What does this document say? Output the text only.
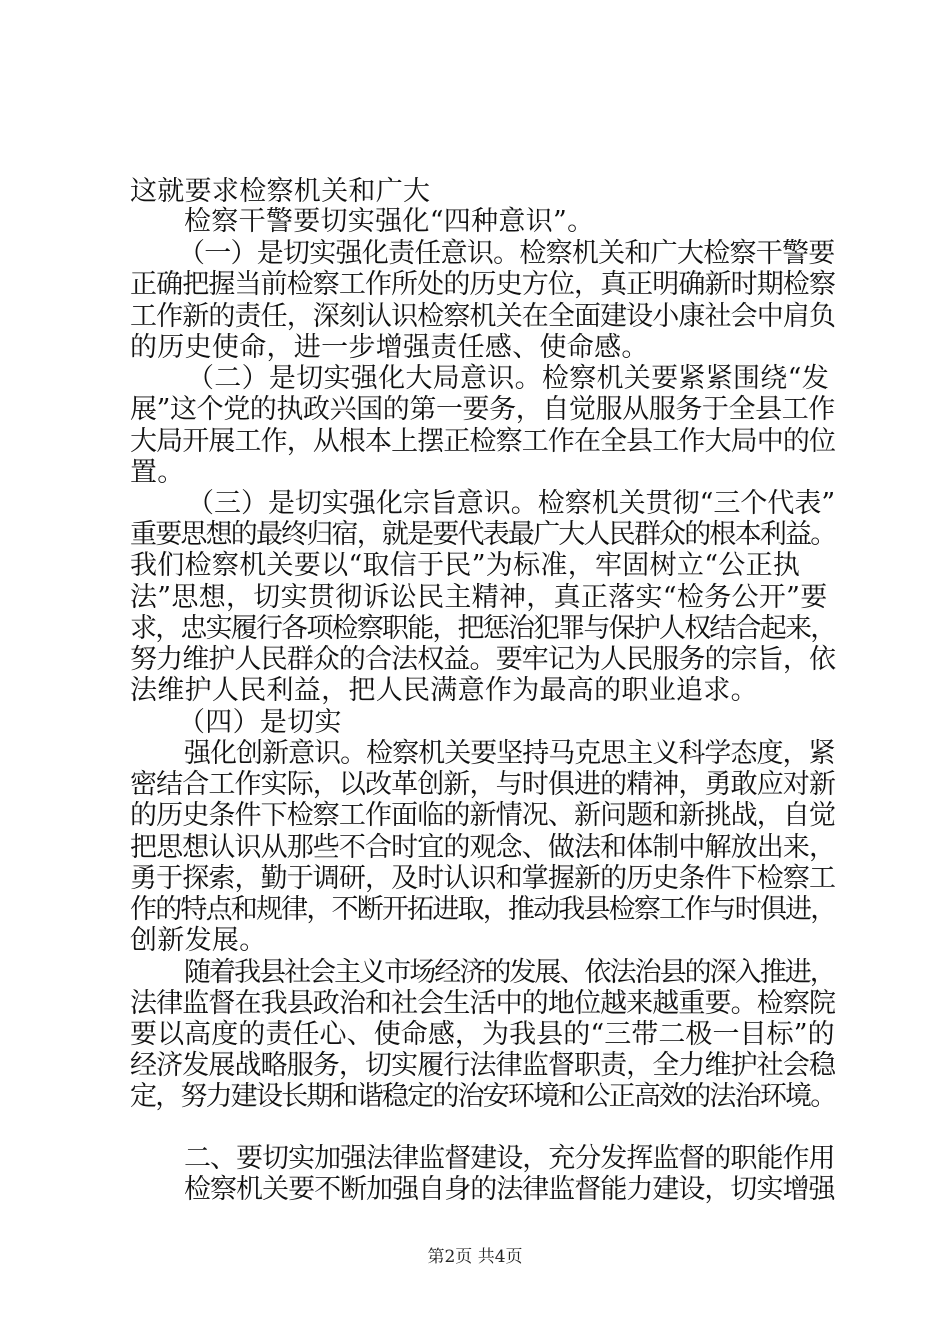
这就要求检察机关和广大
检察干警要切实强化“四种意识”。
（一）是切实强化责任意识。检察机关和广大检察干警要
正确把握当前检察工作所处的历史方位，真正明确新时期检察
工作新的责任，深刻认识检察机关在全面建设小康社会中肩负
的历史使命，进一步增强责任感、使命感。
（二）是切实强化大局意识。检察机关要紧紧围绕“发
展”这个党的执政兴国的第一要务，自觉服从服务于全县工作
大局开展工作，从根本上摆正检察工作在全县工作大局中的位
置。
（三）是切实强化宗旨意识。检察机关贯彻“三个代表”
重要思想的最终归宿，就是要代表最广大人民群众的根本利益。
我们检察机关要以“取信于民”为标准，牢固树立“公正执
法”思想，切实贯彻诉讼民主精神，真正落实“检务公开”要
求，忠实履行各项检察职能，把惩治犯罪与保护人权结合起来，
努力维护人民群众的合法权益。要牢记为人民服务的宗旨，依
法维护人民利益，把人民满意作为最高的职业追求。
（四）是切实
强化创新意识。检察机关要坚持马克思主义科学态度，紧
密结合工作实际，以改革创新，与时俱进的精神，勇敢应对新
的历史条件下检察工作面临的新情况、新问题和新挑战，自觉
把思想认识从那些不合时宜的观念、做法和体制中解放出来，
勇于探索，勤于调研，及时认识和掌握新的历史条件下检察工
作的特点和规律，不断开拓进取，推动我县检察工作与时俱进，
创新发展。
随着我县社会主义市场经济的发展、依法治县的深入推进，
法律监督在我县政治和社会生活中的地位越来越重要。检察院
要以高度的责任心、使命感，为我县的“三带二极一目标”的
经济发展战略服务，切实履行法律监督职责，全力维护社会稳
定，努力建设长期和谐稳定的治安环境和公正高效的法治环境。
二、要切实加强法律监督建设，充分发挥监督的职能作用
检察机关要不断加强自身的法律监督能力建设，切实增强
第2页 共4页
